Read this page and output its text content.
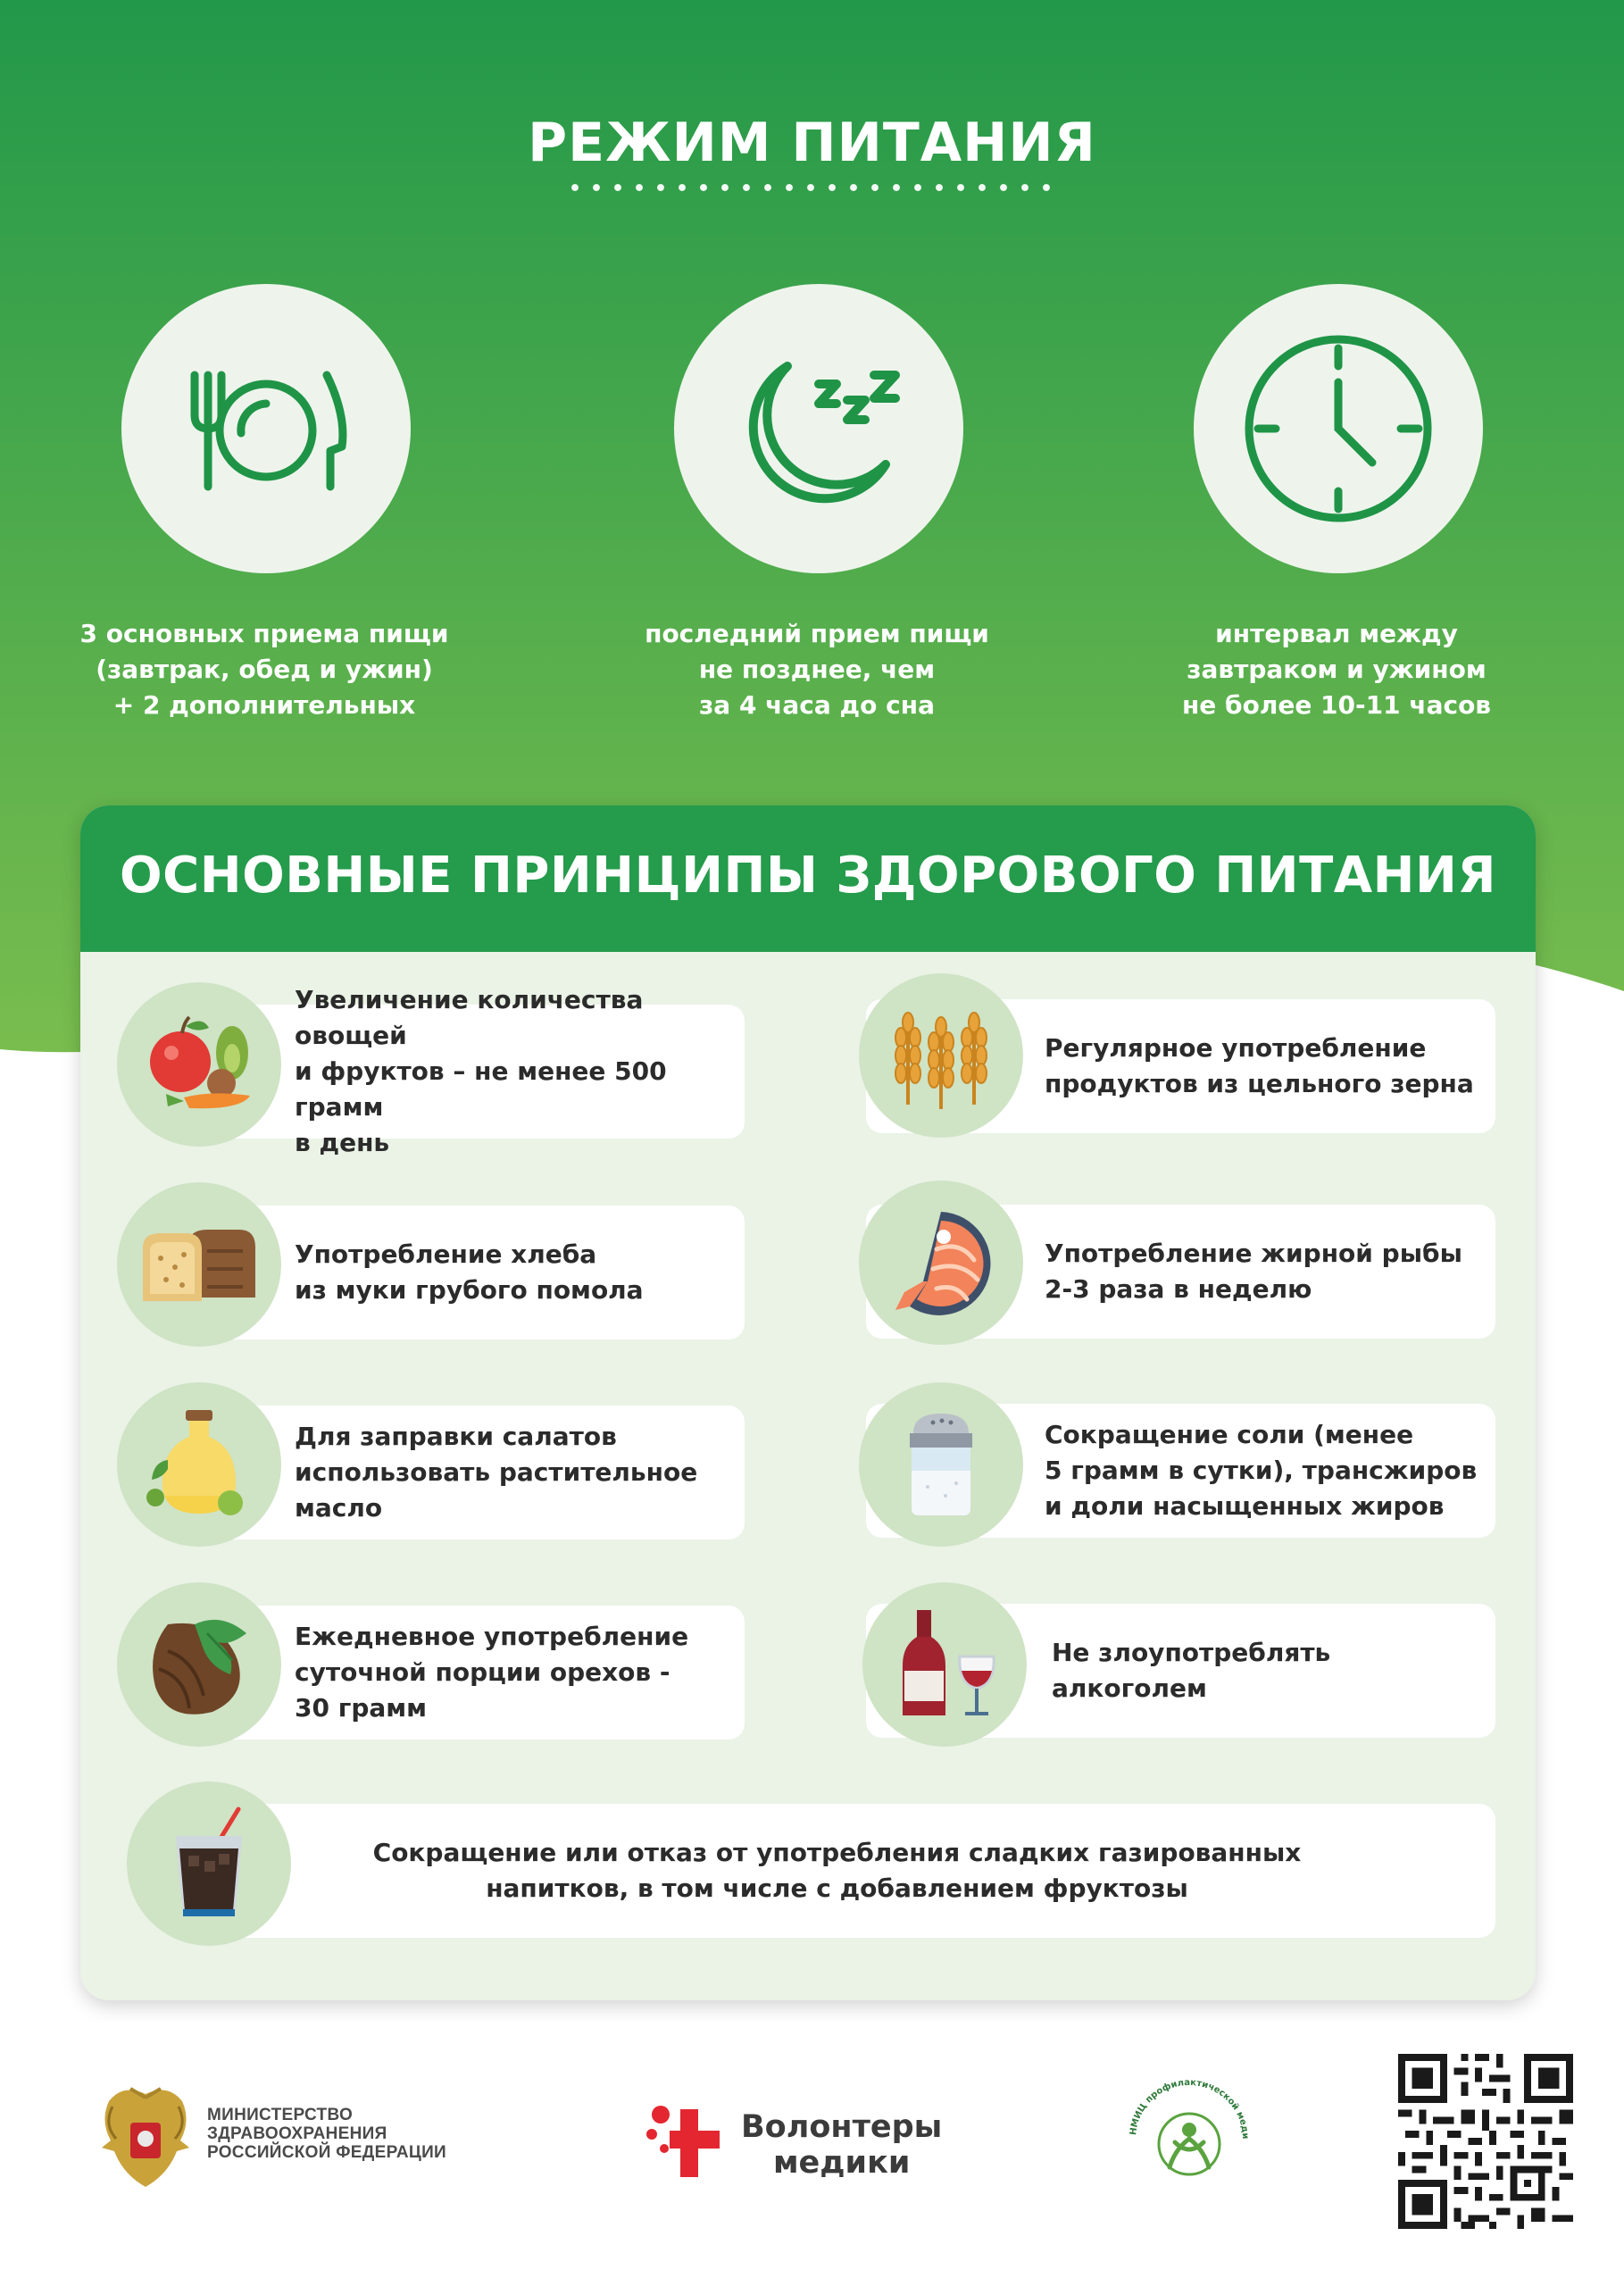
РЕЖИМ ПИТАНИЯ
3 основных приема пищи
(завтрак, обед и ужин)
+ 2 дополнительных
последний прием пищи
не позднее, чем
за 4 часа до сна
интервал между
завтраком и ужином
не более 10-11 часов
ОСНОВНЫЕ ПРИНЦИПЫ ЗДОРОВОГО ПИТАНИЯ
Увеличение количества овощей
и фруктов – не менее 500 грамм
в день
Регулярное употребление
продуктов из цельного зерна
Употребление хлеба
из муки грубого помола
Употребление жирной рыбы
2-3 раза в неделю
Для заправки салатов
использовать растительное
масло
Сокращение соли (менее
5 грамм в сутки), трансжиров
и доли насыщенных жиров
Ежедневное употребление
суточной порции орехов -
30 грамм
Не злоупотреблять
алкоголем
Сокращение или отказ от употребления сладких газированных
напитков, в том числе с добавлением фруктозы
МИНИСТЕРСТВО
ЗДРАВООХРАНЕНИЯ
РОССИЙСКОЙ ФЕДЕРАЦИИ
Волонтеры
медики
НМИЦ профилактической меди
